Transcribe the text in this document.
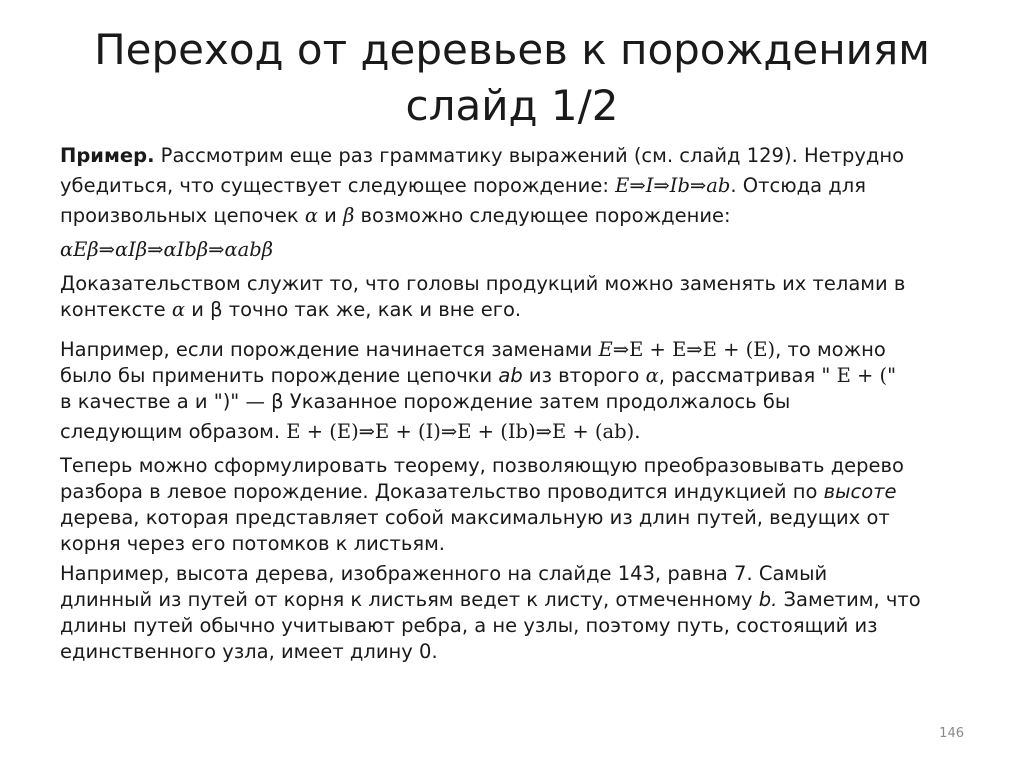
Переход от деревьев к порождениям
слайд 1/2
Пример. Рассмотрим еще раз грамматику выражений (см. слайд 129). Нетрудно
убедиться, что существует следующее порождение: E⇒I⇒Ib⇒ab. Отсюда для
произвольных цепочек α и β возможно следующее порождение:
αEβ⇒αIβ⇒αIbβ⇒αabβ
Доказательством служит то, что головы продукций можно заменять их телами в
контексте α и β точно так же, как и вне его.
Например, если порождение начинается заменами E⇒E + E⇒E + (E), то можно
было бы применить порождение цепочки ab из второго α, рассматривая " E + ("
в качестве a и ")" — β Указанное порождение затем продолжалось бы
следующим образом. E + (E)⇒E + (I)⇒E + (Ib)⇒E + (ab).
Теперь можно сформулировать теорему, позволяющую преобразовывать дерево
разбора в левое порождение. Доказательство проводится индукцией по высоте
дерева, которая представляет собой максимальную из длин путей, ведущих от
корня через его потомков к листьям.
Например, высота дерева, изображенного на слайде 143, равна 7. Самый
длинный из путей от корня к листьям ведет к листу, отмеченному b. Заметим, что
длины путей обычно учитывают ребра, а не узлы, поэтому путь, состоящий из
единственного узла, имеет длину 0.
146
